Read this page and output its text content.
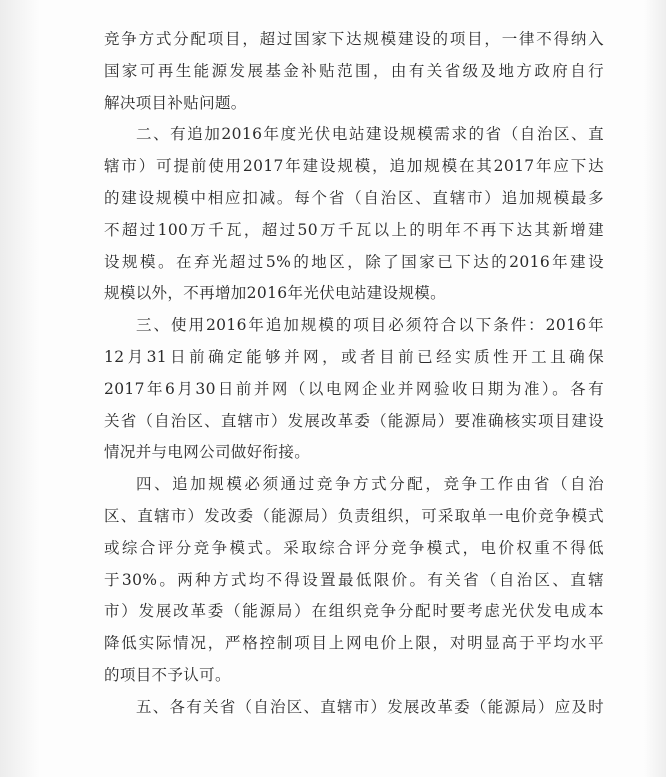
竞争方式分配项目，超过国家下达规模建设的项目，一律不得纳入
国家可再生能源发展基金补贴范围，由有关省级及地方政府自行
解决项目补贴问题。

二、有追加2016年度光伏电站建设规模需求的省（自治区、直
辖市）可提前使用2017年建设规模，追加规模在其2017年应下达
的建设规模中相应扣减。每个省（自治区、直辖市）追加规模最多
不超过100万千瓦，超过50万千瓦以上的明年不再下达其新增建
设规模。在弃光超过5%的地区，除了国家已下达的2016年建设
规模以外，不再增加2016年光伏电站建设规模。

三、使用2016年追加规模的项目必须符合以下条件：2016年
12月31日前确定能够并网，或者目前已经实质性开工且确保
2017年6月30日前并网（以电网企业并网验收日期为准）。各有
关省（自治区、直辖市）发展改革委（能源局）要准确核实项目建设
情况并与电网公司做好衔接。

四、追加规模必须通过竞争方式分配，竞争工作由省（自治
区、直辖市）发改委（能源局）负责组织，可采取单一电价竞争模式
或综合评分竞争模式。采取综合评分竞争模式，电价权重不得低
于30%。两种方式均不得设置最低限价。有关省（自治区、直辖
市）发展改革委（能源局）在组织竞争分配时要考虑光伏发电成本
降低实际情况，严格控制项目上网电价上限，对明显高于平均水平
的项目不予认可。

五、各有关省（自治区、直辖市）发展改革委（能源局）应及时
